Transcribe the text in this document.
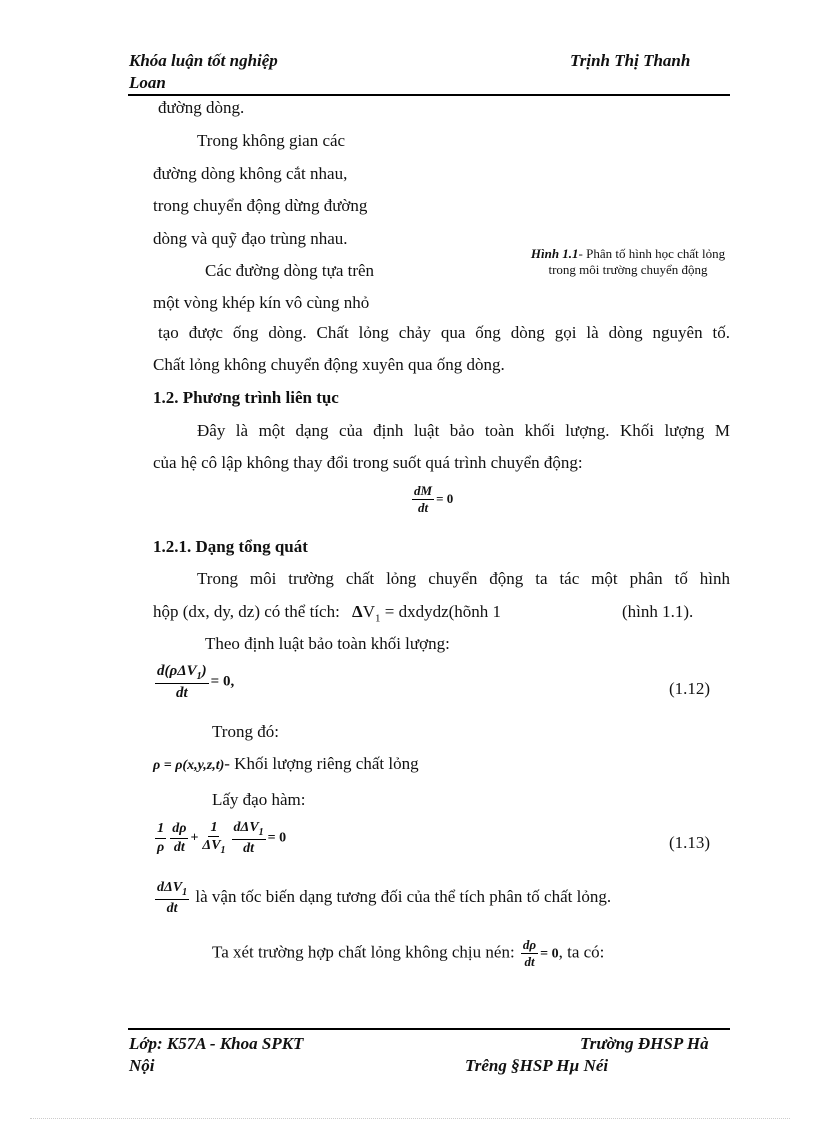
Khóa luận tốt nghiệp
Loan
Trịnh Thị Thanh
đường dòng.
Trong không gian các
đường dòng không cắt nhau,
trong chuyển động dừng đường
dòng và quỹ đạo trùng nhau.
Các đường dòng tựa trên
một vòng khép kín vô cùng nhỏ
Hình 1.1- Phân tố hình học chất lỏng
trong môi trường chuyển động
tạo được ống dòng. Chất lỏng chảy qua ống dòng gọi là dòng nguyên tố.
Chất lỏng không chuyển động xuyên qua ống dòng.
1.2. Phương trình liên tục
Đây là một dạng của định luật bảo toàn khối lượng. Khối lượng M
của hệ cô lập không thay đổi trong suốt quá trình chuyển động:
$\frac{dM}{dt} = 0$
1.2.1. Dạng tổng quát
Trong môi trường chất lỏng chuyển động ta tác một phân tố hình
hộp (dx, dy, dz) có thể tích: $\Delta V_1$ = dxdydz(hõnh 1	(hình 1.1).
Theo định luật bảo toàn khối lượng:
$\frac{d(\rho\Delta V_1)}{dt} = 0$,	(1.12)
Trong đó:
ρ = ρ(x,y,z,t)- Khối lượng riêng chất lỏng
Lấy đạo hàm:
$\frac{1}{\rho} \frac{d\rho}{dt} + \frac{1}{\Delta V_1} \frac{d\Delta V_1}{dt} = 0$	(1.13)
$\frac{d\Delta V_1}{dt}$ là vận tốc biến dạng tương đối của thể tích phân tố chất lỏng.
Ta xét trường hợp chất lỏng không chịu nén: $\frac{d\rho}{dt} = 0$, ta có:
Lớp: K57A - Khoa SPKT
Nội
Trường ĐHSP Hà
Trêng §HSP Hµ Néi
